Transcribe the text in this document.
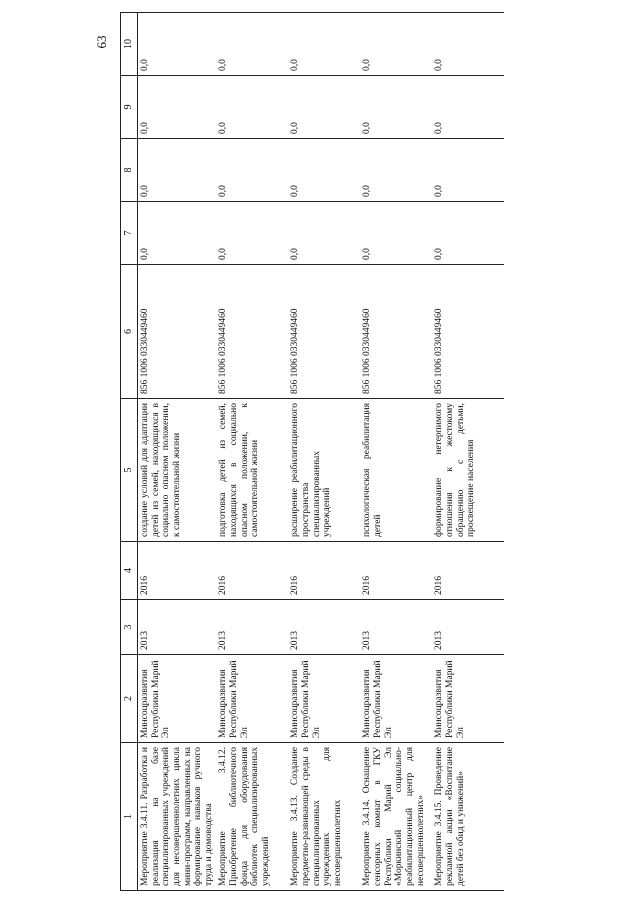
63
1	2	3	4	5	6	7	8	9	10
Мероприятие 3.4.11. Разработка и реализация на базе специализированных учреждений для несовершеннолетних цикла мини-программ, направленных на формирование навыков ручного труда и домоводства	Минсоцразвития Республики Марий Эл	2013	2016	создание условий для адаптации детей из семей, находящихся в социально опасном положении, к самостоятельной жизни	856 1006 0330449460	0,0	0,0	0,0	0,0
Мероприятие 3.4.12. Приобретение библиотечного фонда для оборудования библиотек специализированных учреждений	Минсоцразвития Республики Марий Эл	2013	2016	подготовка детей из семей, находящихся в социально опасном положении, к самостоятельной жизни	856 1006 0330449460	0,0	0,0	0,0	0,0
Мероприятие 3.4.13. Создание предметно-развивающей среды в специализированных учреждениях для несовершеннолетних	Минсоцразвития Республики Марий Эл	2013	2016	расширение реабилитационного пространства специализированных учреждений	856 1006 0330449460	0,0	0,0	0,0	0,0
Мероприятие 3.4.14. Оснащение сенсорных комнат в ГКУ Республики Марий Эл «Моркинский социально-реабилитационный центр для несовершеннолетних»	Минсоцразвития Республики Марий Эл	2013	2016	психологическая реабилитация детей	856 1006 0330449460	0,0	0,0	0,0	0,0
Мероприятие 3.4.15. Проведение рекламной акции «Воспитание детей без обид и унижений»	Минсоцразвития Республики Марий Эл	2013	2016	формирование нетерпимого отношения к жестокому обращению с детьми, просвещение населения	856 1006 0330449460	0,0	0,0	0,0	0,0
